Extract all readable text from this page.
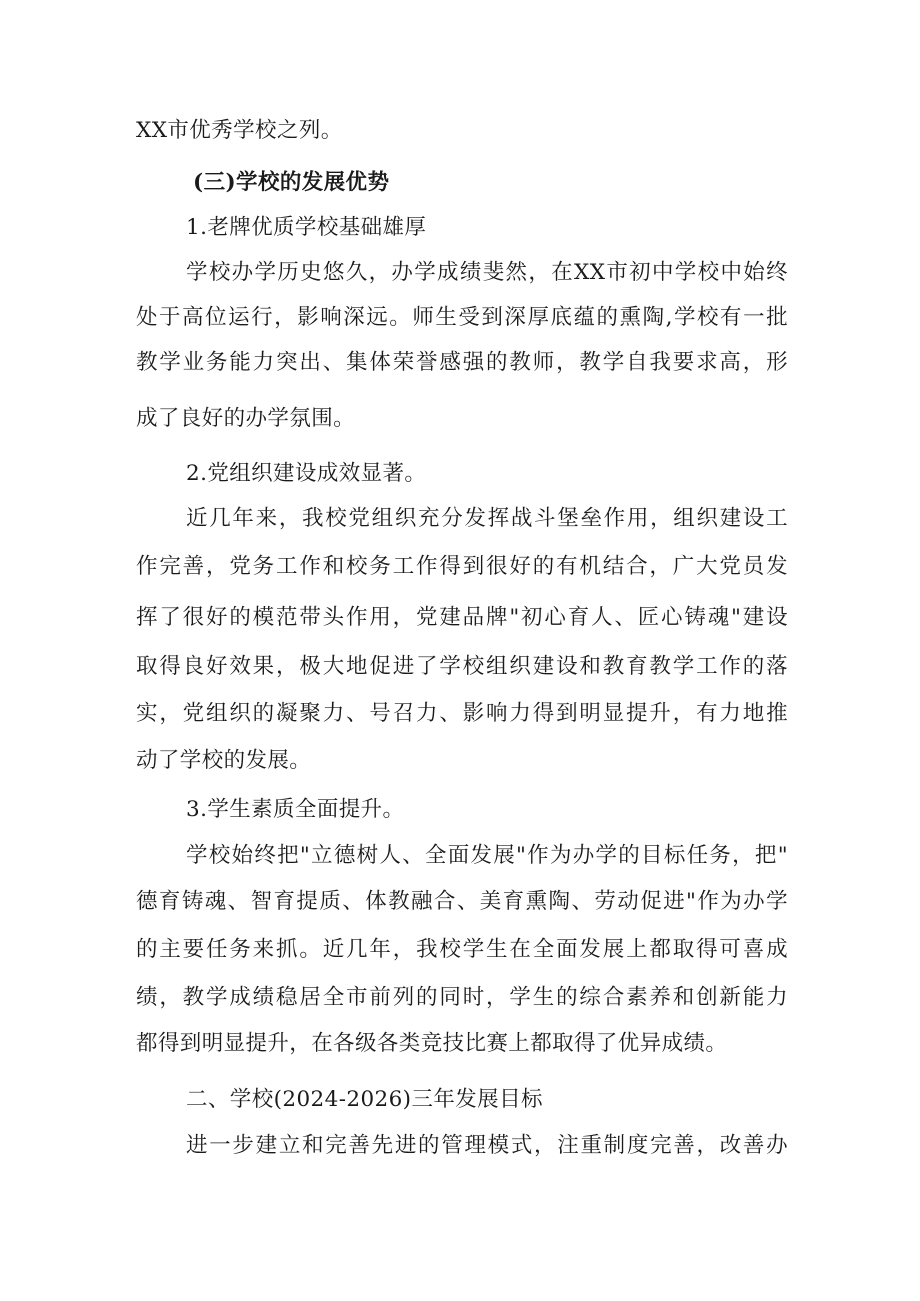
XX市优秀学校之列。
(三)学校的发展优势
1.老牌优质学校基础雄厚
学校办学历史悠久，办学成绩斐然，在XX市初中学校中始终
处于高位运行，影响深远。师生受到深厚底蕴的熏陶,学校有一批
教学业务能力突出、集体荣誉感强的教师，教学自我要求高，形
成了良好的办学氛围。
2.党组织建设成效显著。
近几年来，我校党组织充分发挥战斗堡垒作用，组织建设工
作完善，党务工作和校务工作得到很好的有机结合，广大党员发
挥了很好的模范带头作用，党建品牌"初心育人、匠心铸魂"建设
取得良好效果，极大地促进了学校组织建设和教育教学工作的落
实，党组织的凝聚力、号召力、影响力得到明显提升，有力地推
动了学校的发展。
3.学生素质全面提升。
学校始终把"立德树人、全面发展"作为办学的目标任务，把"
德育铸魂、智育提质、体教融合、美育熏陶、劳动促进"作为办学
的主要任务来抓。近几年，我校学生在全面发展上都取得可喜成
绩，教学成绩稳居全市前列的同时，学生的综合素养和创新能力
都得到明显提升，在各级各类竞技比赛上都取得了优异成绩。
二、学校(2024-2026)三年发展目标
进一步建立和完善先进的管理模式，注重制度完善，改善办
